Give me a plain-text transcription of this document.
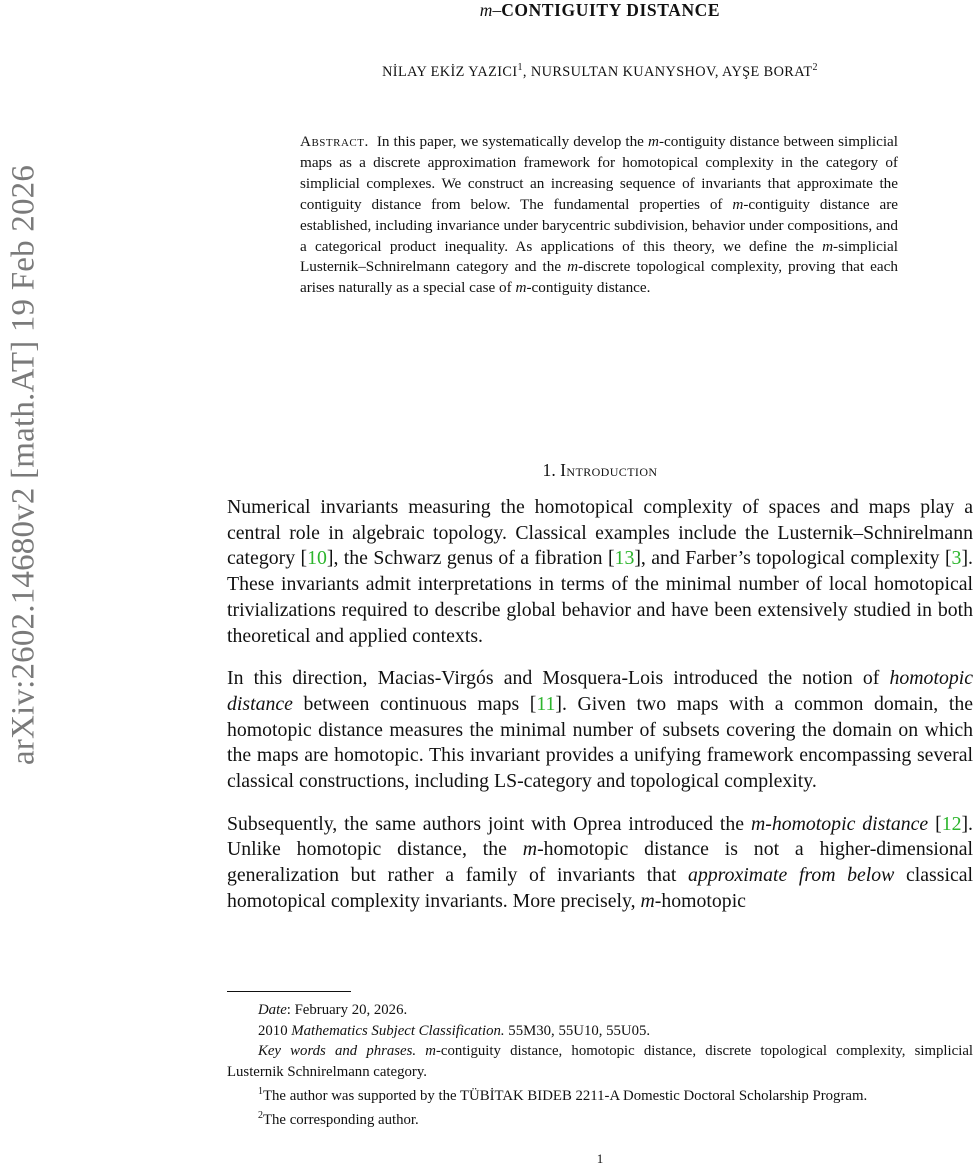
arXiv:2602.14680v2 [math.AT] 19 Feb 2026
m–CONTIGUITY DISTANCE
NİLAY EKİZ YAZICI$^1$, NURSULTAN KUANYSHOV, AYŞE BORAT$^2$
Abstract. In this paper, we systematically develop the m-contiguity distance between simplicial maps as a discrete approximation framework for homotopical complexity in the category of simplicial complexes. We construct an increasing sequence of invariants that approximate the contiguity distance from below. The fundamental properties of m-contiguity distance are established, including invariance under barycentric subdivision, behavior under compositions, and a categorical product inequality. As applications of this theory, we define the m-simplicial Lusternik–Schnirelmann category and the m-discrete topological complexity, proving that each arises naturally as a special case of m-contiguity distance.
1. Introduction

Numerical invariants measuring the homotopical complexity of spaces and maps play a central role in algebraic topology. Classical examples include the Lusternik–Schnirelmann category [10], the Schwarz genus of a fibration [13], and Farber’s topological complexity [3]. These invariants admit interpretations in terms of the minimal number of local homotopical trivializations required to describe global behavior and have been extensively studied in both theoretical and applied contexts.

In this direction, Macias-Virgós and Mosquera-Lois introduced the notion of homotopic distance between continuous maps [11]. Given two maps with a common domain, the homotopic distance measures the minimal number of subsets covering the domain on which the maps are homotopic. This invariant provides a unifying framework encompassing several classical constructions, including LS-category and topological complexity.

Subsequently, the same authors joint with Oprea introduced the m-homotopic distance [12]. Unlike homotopic distance, the m-homotopic distance is not a higher-dimensional generalization but rather a family of invariants that approximate from below classical homotopical complexity invariants. More precisely, m-homotopic

Date: February 20, 2026.

2010 Mathematics Subject Classification. 55M30, 55U10, 55U05.

Key words and phrases. m-contiguity distance, homotopic distance, discrete topological complexity, simplicial Lusternik Schnirelmann category.

$^1$The author was supported by the TÜBİTAK BIDEB 2211-A Domestic Doctoral Scholarship Program.

$^2$The corresponding author.

1
